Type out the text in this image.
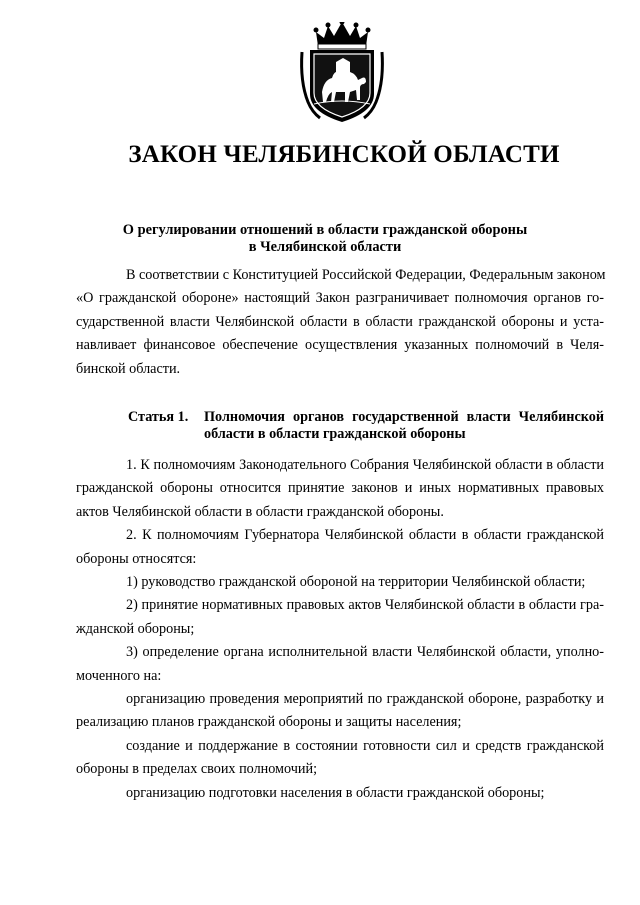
ЗАКОН ЧЕЛЯБИНСКОЙ ОБЛАСТИ
О регулировании отношений в области гражданской обороны
в Челябинской области
В соответствии с Конституцией Российской Федерации, Федеральным законом
«О гражданской обороне» настоящий Закон разграничивает полномочия органов го-
сударственной власти Челябинской области в области гражданской обороны и уста-
навливает финансовое обеспечение осуществления указанных полномочий в Челя-
бинской области.
Статья 1. Полномочия органов государственной власти Челябинской
области в области гражданской обороны
1. К полномочиям Законодательного Собрания Челябинской области в области
гражданской обороны относится принятие законов и иных нормативных правовых
актов Челябинской области в области гражданской обороны.
2. К полномочиям Губернатора Челябинской области в области гражданской
обороны относятся:
1) руководство гражданской обороной на территории Челябинской области;
2) принятие нормативных правовых актов Челябинской области в области гра-
жданской обороны;
3) определение органа исполнительной власти Челябинской области, уполно-
моченного на:
организацию проведения мероприятий по гражданской обороне, разработку и
реализацию планов гражданской обороны и защиты населения;
создание и поддержание в состоянии готовности сил и средств гражданской
обороны в пределах своих полномочий;
организацию подготовки населения в области гражданской обороны;
